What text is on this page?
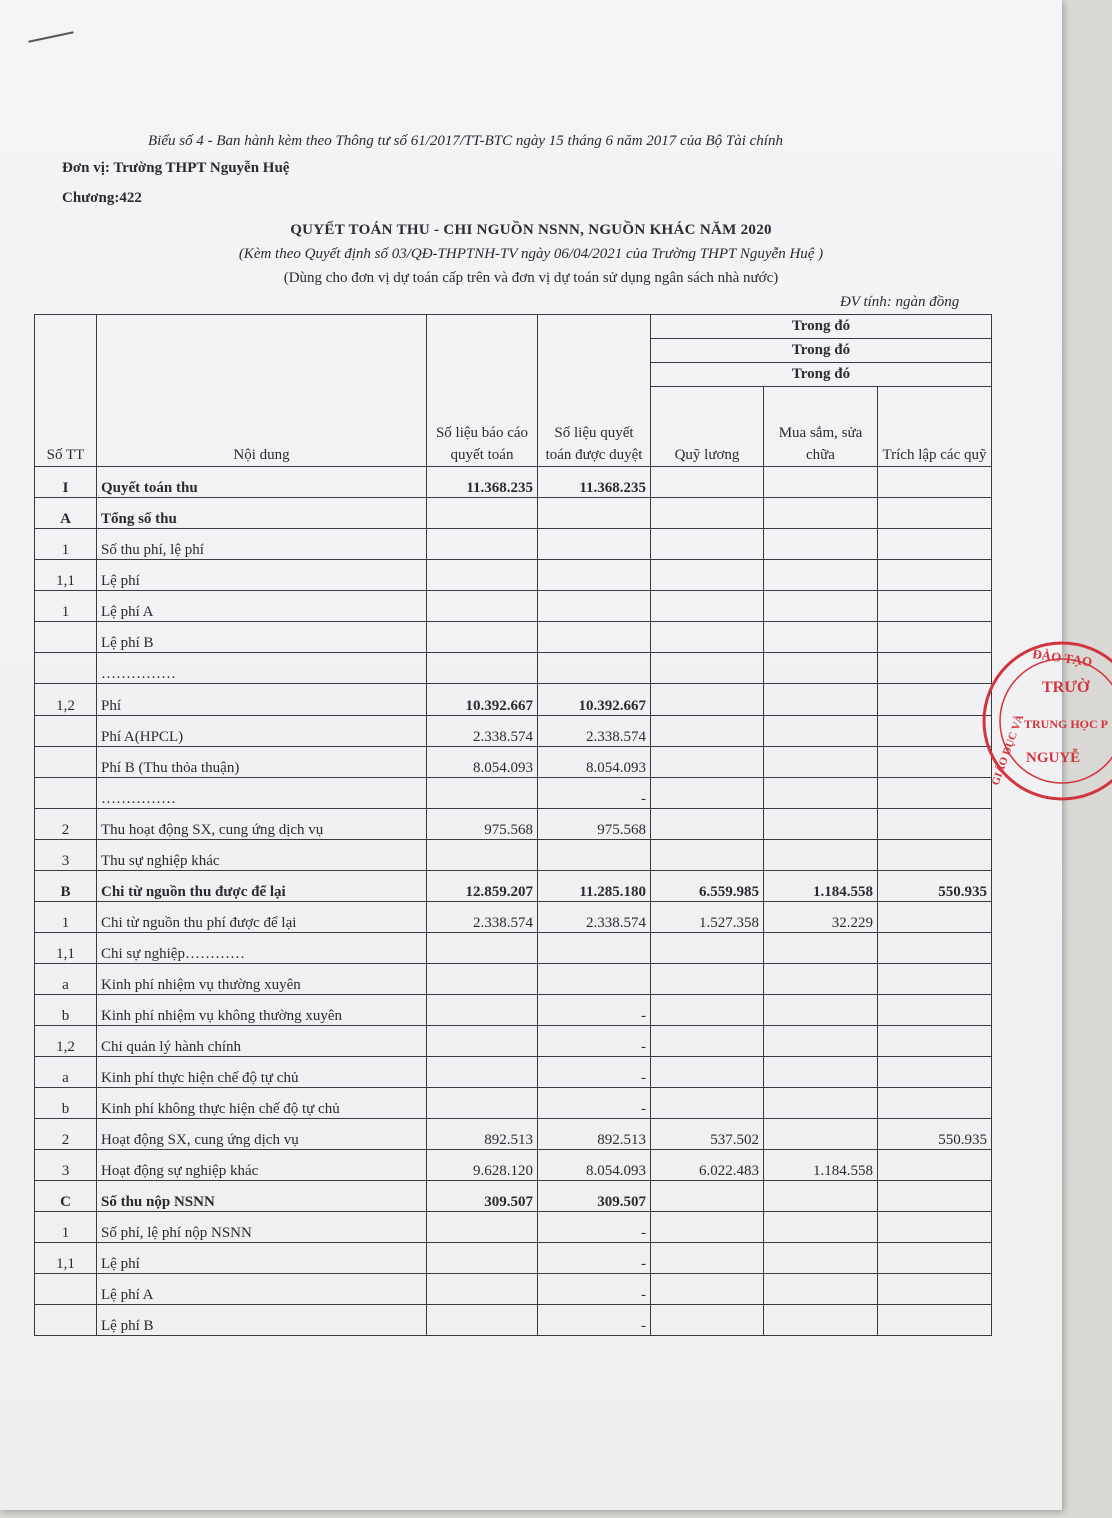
Biểu số 4 - Ban hành kèm theo Thông tư số 61/2017/TT-BTC ngày 15 tháng 6 năm 2017 của Bộ Tài chính
Đơn vị: Trường THPT Nguyễn Huệ
Chương:422
QUYẾT TOÁN THU - CHI NGUỒN NSNN, NGUỒN KHÁC NĂM 2020
(Kèm theo Quyết định số 03/QĐ-THPTNH-TV ngày 06/04/2021 của Trường THPT Nguyễn Huệ )
(Dùng cho đơn vị dự toán cấp trên và đơn vị dự toán sử dụng ngân sách nhà nước)
ĐV tính: ngàn đồng
Số TT	Nội dung	Số liệu báo cáo quyết toán	Số liệu quyết toán được duyệt	Trong đó		
				Trong đó		
				Trong đó		
				Quỹ lương	Mua sắm, sửa chữa	Trích lập các quỹ
I	Quyết toán thu	11.368.235	11.368.235			
A	Tổng số thu					
1	Số thu phí, lệ phí					
1,1	Lệ phí					
1	Lệ phí A					
	Lệ phí B					
	……………					
1,2	Phí	10.392.667	10.392.667			
	Phí A(HPCL)	2.338.574	2.338.574			
	Phí B (Thu thỏa thuận)	8.054.093	8.054.093			
	……………		-			
2	Thu hoạt động SX, cung ứng dịch vụ	975.568	975.568			
3	Thu sự nghiệp khác					
B	Chi từ nguồn thu được để lại	12.859.207	11.285.180	6.559.985	1.184.558	550.935
1	Chi từ nguồn thu phí được để lại	2.338.574	2.338.574	1.527.358	32.229	
1,1	Chi sự nghiệp…………					
a	Kinh phí nhiệm vụ thường xuyên					
b	Kinh phí nhiệm vụ không thường xuyên		-			
1,2	Chi quản lý hành chính		-			
a	Kinh phí thực hiện chế độ tự chủ		-			
b	Kinh phí không thực hiện chế độ tự chủ		-			
2	Hoạt động SX, cung ứng dịch vụ	892.513	892.513	537.502		550.935
3	Hoạt động sự nghiệp khác	9.628.120	8.054.093	6.022.483	1.184.558	
C	Số thu nộp NSNN	309.507	309.507			
1	Số phí, lệ phí nộp NSNN		-			
1,1	Lệ phí		-			
	Lệ phí A		-			
	Lệ phí B		-			
ĐÀO TẠO
TRƯỜ
TRUNG HỌC P
NGUYỄ
GIÁO DỤC VÀ
